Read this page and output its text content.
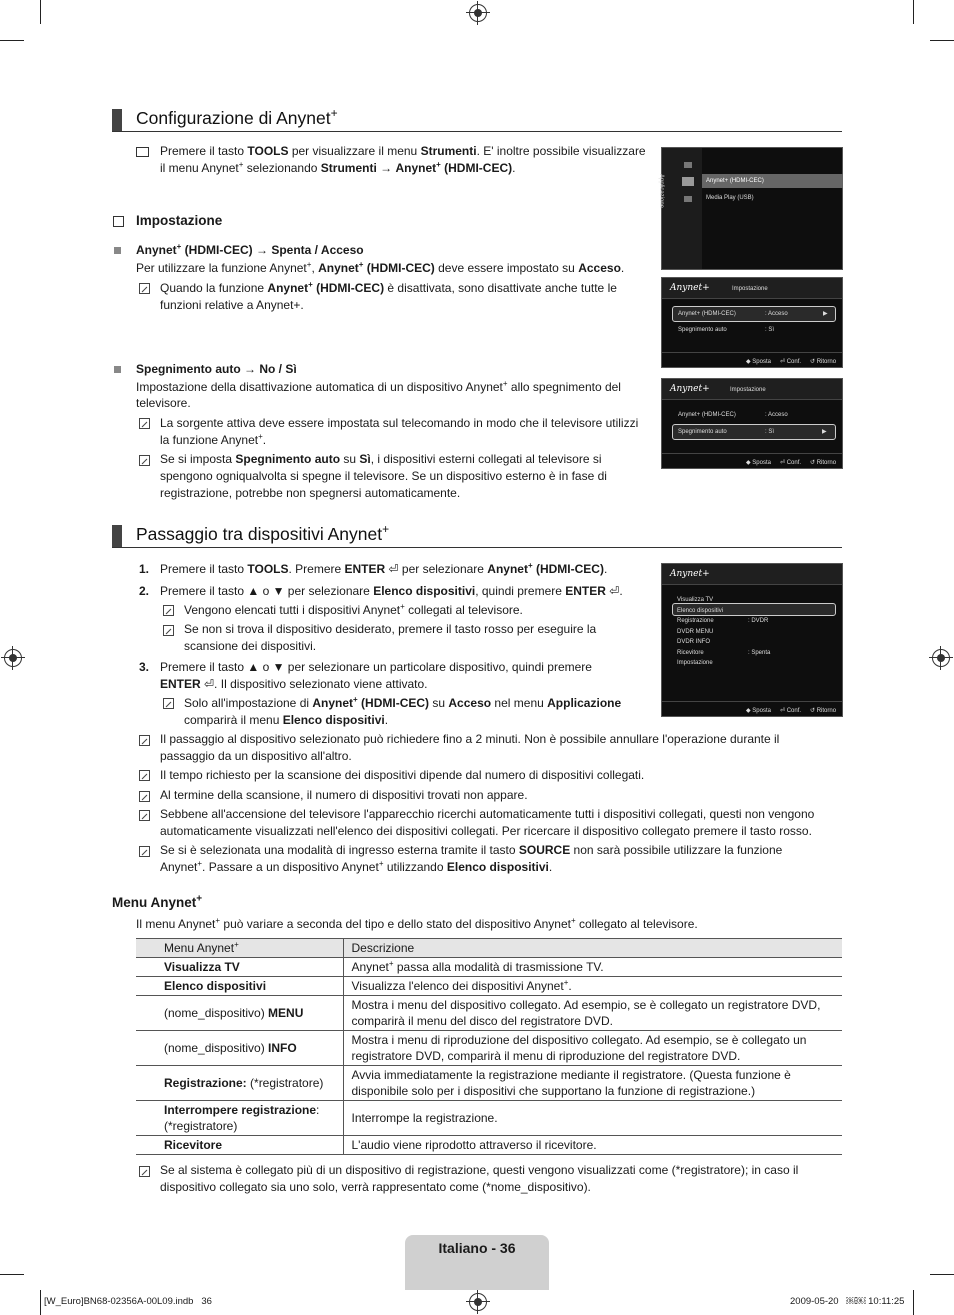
Configurazione di Anynet+
Premere il tasto TOOLS per visualizzare il menu Strumenti. E' inoltre possibile visualizzare
il menu Anynet+ selezionando Strumenti → Anynet+ (HDMI-CEC).
Impostazione
Anynet+ (HDMI-CEC) → Spenta / Acceso
Per utilizzare la funzione Anynet+, Anynet+ (HDMI-CEC) deve essere impostato su Acceso.
Quando la funzione Anynet+ (HDMI-CEC) è disattivata, sono disattivate anche tutte le
funzioni relative a Anynet+.
Spegnimento auto → No / Sì
Impostazione della disattivazione automatica di un dispositivo Anynet+ allo spegnimento del
televisore.
La sorgente attiva deve essere impostata sul telecomando in modo che il televisore utilizzi
la funzione Anynet+.
Se si imposta Spegnimento auto su Sì, i dispositivi esterni collegati al televisore si
spengono ogniqualvolta si spegne il televisore. Se un dispositivo esterno è in fase di
registrazione, potrebbe non spegnersi automaticamente.
Applicazione	Anynet+ (HDMI-CEC)
Media Play (USB)
Anynet+	Impostazione
Anynet+ (HDMI-CEC)	: Acceso	▶
Spegnimento auto	: Sì
◆ Sposta ⏎ Conf. ↺ Ritorno
Anynet+	Impostazione
Anynet+ (HDMI-CEC)	: Acceso
Spegnimento auto	: Sì	▶
◆ Sposta ⏎ Conf. ↺ Ritorno
Passaggio tra dispositivi Anynet+
1. Premere il tasto TOOLS. Premere ENTER ⏎ per selezionare Anynet+ (HDMI-CEC).
2. Premere il tasto ▲ o ▼ per selezionare Elenco dispositivi, quindi premere ENTER ⏎.
Vengono elencati tutti i dispositivi Anynet+ collegati al televisore.
Se non si trova il dispositivo desiderato, premere il tasto rosso per eseguire la
scansione dei dispositivi.
3. Premere il tasto ▲ o ▼ per selezionare un particolare dispositivo, quindi premere
ENTER ⏎. Il dispositivo selezionato viene attivato.
Solo all'impostazione di Anynet+ (HDMI-CEC) su Acceso nel menu Applicazione
comparirà il menu Elenco dispositivi.
Il passaggio al dispositivo selezionato può richiedere fino a 2 minuti. Non è possibile annullare l'operazione durante il
passaggio da un dispositivo all'altro.
Il tempo richiesto per la scansione dei dispositivi dipende dal numero di dispositivi collegati.
Al termine della scansione, il numero di dispositivi trovati non appare.
Sebbene all'accensione del televisore l'apparecchio ricerchi automaticamente tutti i dispositivi collegati, questi non vengono
automaticamente visualizzati nell'elenco dei dispositivi collegati. Per ricercare il dispositivo collegato premere il tasto rosso.
Se si è selezionata una modalità di ingresso esterna tramite il tasto SOURCE non sarà possibile utilizzare la funzione
Anynet+. Passare a un dispositivo Anynet+ utilizzando Elenco dispositivi.
Anynet+
Visualizza TV
Elenco dispositivi
Registrazione	: DVDR
DVDR MENU
DVDR INFO
Ricevitore	: Spenta
Impostazione
◆ Sposta ⏎ Conf. ↺ Ritorno
Menu Anynet+
Il menu Anynet+ può variare a seconda del tipo e dello stato del dispositivo Anynet+ collegato al televisore.
Menu Anynet+	Descrizione
Visualizza TV	Anynet+ passa alla modalità di trasmissione TV.
Elenco dispositivi	Visualizza l'elenco dei dispositivi Anynet+.
(nome_dispositivo) MENU	Mostra i menu del dispositivo collegato. Ad esempio, se è collegato un registratore DVD, comparirà il menu del disco del registratore DVD.
(nome_dispositivo) INFO	Mostra i menu di riproduzione del dispositivo collegato. Ad esempio, se è collegato un registratore DVD, comparirà il menu di riproduzione del registratore DVD.
Registrazione: (*registratore)	Avvia immediatamente la registrazione mediante il registratore. (Questa funzione è disponibile solo per i dispositivi che supportano la funzione di registrazione.)
Interrompere registrazione: (*registratore)	Interrompe la registrazione.
Ricevitore	L'audio viene riprodotto attraverso il ricevitore.
Se al sistema è collegato più di un dispositivo di registrazione, questi vengono visualizzati come (*registratore); in caso il
dispositivo collegato sia uno solo, verrà rappresentato come (*nome_dispositivo).
Italiano - 36
[W_Euro]BN68-02356A-00L09.indb   36	2009-05-20   ￼￼ 10:11:25
